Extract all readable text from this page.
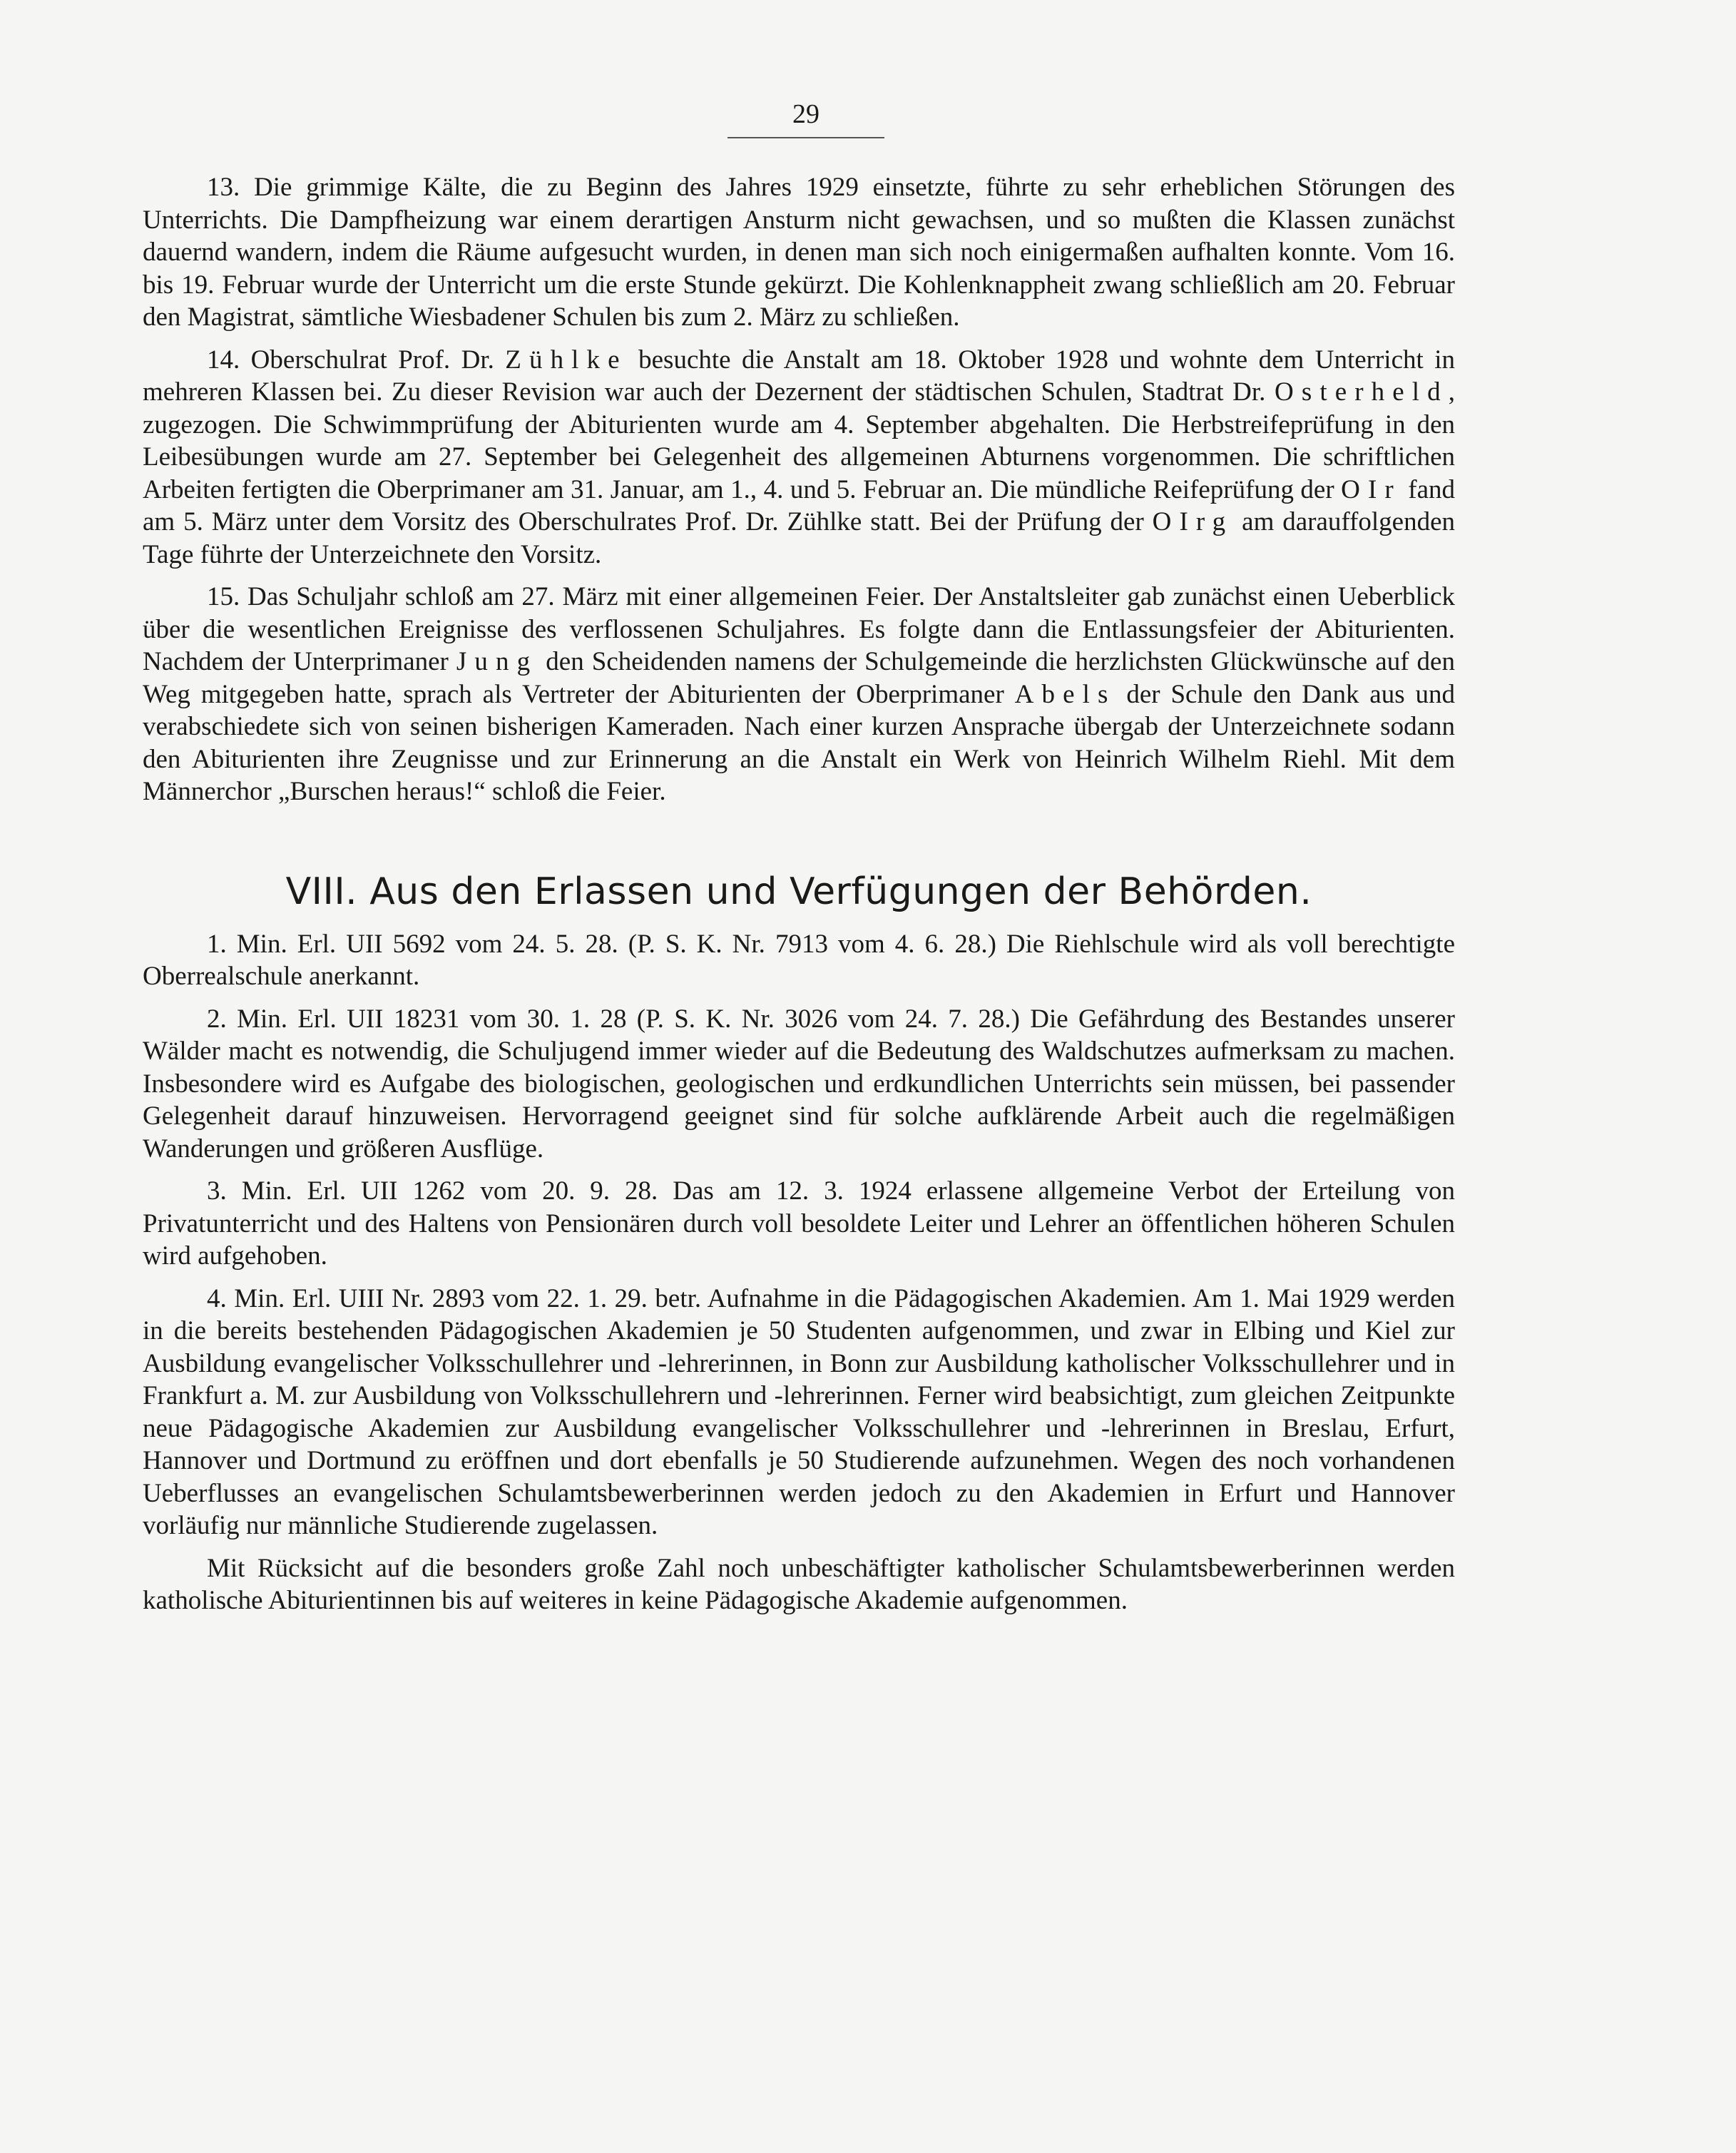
29

13. Die grimmige Kälte, die zu Beginn des Jahres 1929 einsetzte, führte zu sehr erheblichen Störungen des Unterrichts. Die Dampfheizung war einem derartigen Ansturm nicht gewachsen, und so mußten die Klassen zunächst dauernd wandern, indem die Räume aufgesucht wurden, in denen man sich noch einigermaßen aufhalten konnte. Vom 16. bis 19. Februar wurde der Unterricht um die erste Stunde gekürzt. Die Kohlenknappheit zwang schließlich am 20. Februar den Magistrat, sämtliche Wiesbadener Schulen bis zum 2. März zu schließen.

14. Oberschulrat Prof. Dr. Zühlke besuchte die Anstalt am 18. Oktober 1928 und wohnte dem Unterricht in mehreren Klassen bei. Zu dieser Revision war auch der Dezernent der städtischen Schulen, Stadtrat Dr. Osterheld, zugezogen. Die Schwimmprüfung der Abiturienten wurde am 4. September abgehalten. Die Herbstreifeprüfung in den Leibesübungen wurde am 27. September bei Gelegenheit des allgemeinen Abturnens vorgenommen. Die schriftlichen Arbeiten fertigten die Oberprimaner am 31. Januar, am 1., 4. und 5. Februar an. Die mündliche Reifeprüfung der OIr fand am 5. März unter dem Vorsitz des Oberschulrates Prof. Dr. Zühlke statt. Bei der Prüfung der OIrg am darauffolgenden Tage führte der Unterzeichnete den Vorsitz.

15. Das Schuljahr schloß am 27. März mit einer allgemeinen Feier. Der Anstaltsleiter gab zunächst einen Ueberblick über die wesentlichen Ereignisse des verflossenen Schuljahres. Es folgte dann die Entlassungsfeier der Abiturienten. Nachdem der Unterprimaner Jung den Scheidenden namens der Schulgemeinde die herzlichsten Glückwünsche auf den Weg mitgegeben hatte, sprach als Vertreter der Abiturienten der Oberprimaner Abels der Schule den Dank aus und verabschiedete sich von seinen bisherigen Kameraden. Nach einer kurzen Ansprache übergab der Unterzeichnete sodann den Abiturienten ihre Zeugnisse und zur Erinnerung an die Anstalt ein Werk von Heinrich Wilhelm Riehl. Mit dem Männerchor „Burschen heraus!“ schloß die Feier.

VIII. Aus den Erlassen und Verfügungen der Behörden.

1. Min. Erl. UII 5692 vom 24. 5. 28. (P. S. K. Nr. 7913 vom 4. 6. 28.) Die Riehlschule wird als voll berechtigte Oberrealschule anerkannt.

2. Min. Erl. UII 18231 vom 30. 1. 28 (P. S. K. Nr. 3026 vom 24. 7. 28.) Die Gefährdung des Bestandes unserer Wälder macht es notwendig, die Schuljugend immer wieder auf die Bedeutung des Waldschutzes aufmerksam zu machen. Insbesondere wird es Aufgabe des biologischen, geologischen und erdkundlichen Unterrichts sein müssen, bei passender Gelegenheit darauf hinzuweisen. Hervorragend geeignet sind für solche aufklärende Arbeit auch die regelmäßigen Wanderungen und größeren Ausflüge.

3. Min. Erl. UII 1262 vom 20. 9. 28. Das am 12. 3. 1924 erlassene allgemeine Verbot der Erteilung von Privatunterricht und des Haltens von Pensionären durch voll besoldete Leiter und Lehrer an öffentlichen höheren Schulen wird aufgehoben.

4. Min. Erl. UIII Nr. 2893 vom 22. 1. 29. betr. Aufnahme in die Pädagogischen Akademien. Am 1. Mai 1929 werden in die bereits bestehenden Pädagogischen Akademien je 50 Studenten aufgenommen, und zwar in Elbing und Kiel zur Ausbildung evangelischer Volksschullehrer und -lehrerinnen, in Bonn zur Ausbildung katholischer Volksschullehrer und in Frankfurt a. M. zur Ausbildung von Volksschullehrern und -lehrerinnen. Ferner wird beabsichtigt, zum gleichen Zeitpunkte neue Pädagogische Akademien zur Ausbildung evangelischer Volksschullehrer und -lehrerinnen in Breslau, Erfurt, Hannover und Dortmund zu eröffnen und dort ebenfalls je 50 Studierende aufzunehmen. Wegen des noch vorhandenen Ueberflusses an evangelischen Schulamtsbewerberinnen werden jedoch zu den Akademien in Erfurt und Hannover vorläufig nur männliche Studierende zugelassen.

Mit Rücksicht auf die besonders große Zahl noch unbeschäftigter katholischer Schulamtsbewerberinnen werden katholische Abiturientinnen bis auf weiteres in keine Pädagogische Akademie aufgenommen.
